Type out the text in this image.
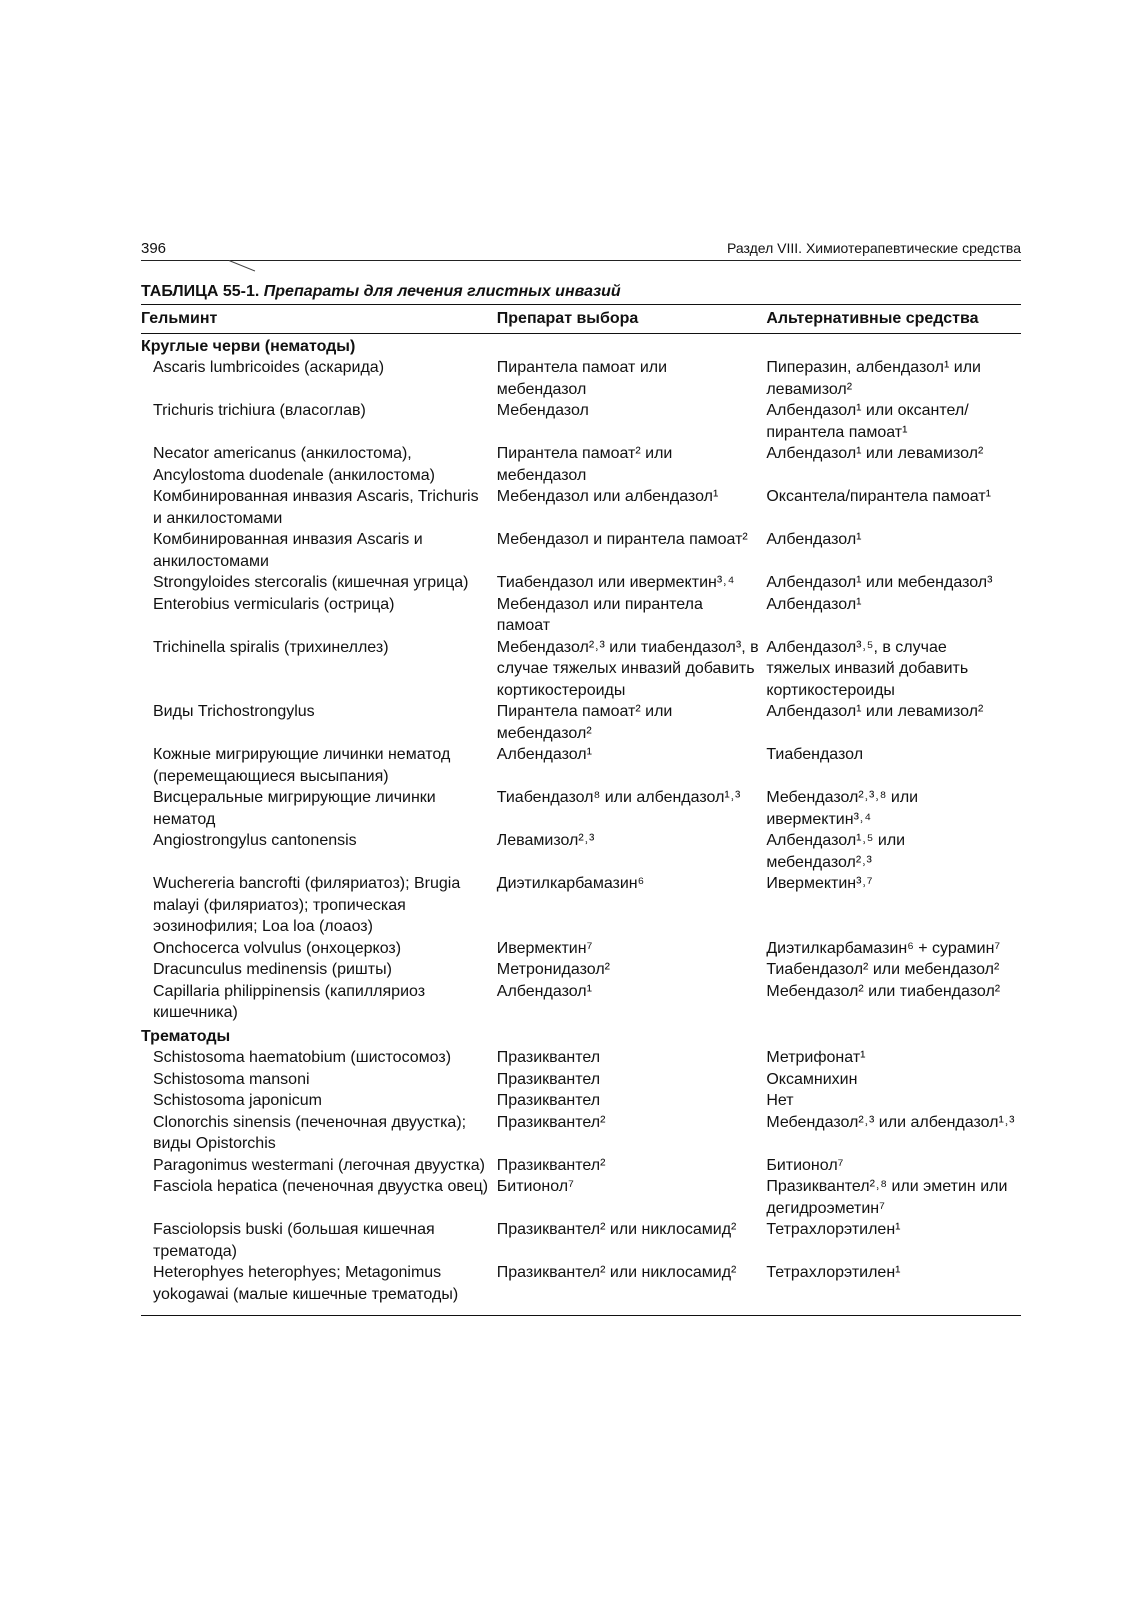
396	Раздел VIII. Химиотерапевтические средства
ТАБЛИЦА 55-1. Препараты для лечения глистных инвазий
Гельминт	Препарат выбора	Альтернативные средства
Круглые черви (нематоды)		
Ascaris lumbricoides (аскарида)	Пирантела памоат или мебендазол	Пиперазин, албендазол¹ или левамизол²
Trichuris trichiura (власоглав)	Мебендазол	Албендазол¹ или оксантел/пирантела памоат¹
Necator americanus (анкилостома), Ancylostoma duodenale (анкилостома)	Пирантела памоат² или мебендазол	Албендазол¹ или левамизол²
Комбинированная инвазия Ascaris, Trichuris и анкилостомами	Мебендазол или албендазол¹	Оксантела/пирантела памоат¹
Комбинированная инвазия Ascaris и анкилостомами	Мебендазол и пирантела памоат²	Албендазол¹
Strongyloides stercoralis (кишечная угрица)	Тиабендазол или ивермектин³˒⁴	Албендазол¹ или мебендазол³
Enterobius vermicularis (острица)	Мебендазол или пирантела памоат	Албендазол¹
Trichinella spiralis (трихинеллез)	Мебендазол²˒³ или тиабендазол³, в случае тяжелых инвазий добавить кортикостероиды	Албендазол³˒⁵, в случае тяжелых инвазий добавить кортикостероиды
Виды Trichostrongylus	Пирантела памоат² или мебендазол²	Албендазол¹ или левамизол²
Кожные мигрирующие личинки нематод (перемещающиеся высыпания)	Албендазол¹	Тиабендазол
Висцеральные мигрирующие личинки нематод	Тиабендазол⁸ или албендазол¹˒³	Мебендазол²˒³˒⁸ или ивермектин³˒⁴
Angiostrongylus cantonensis	Левамизол²˒³	Албендазол¹˒⁵ или мебендазол²˒³
Wuchereria bancrofti (филяриатоз); Brugia malayi (филяриатоз); тропическая эозинофилия; Loa loa (лоаоз)	Диэтилкарбамазин⁶	Ивермектин³˒⁷
Onchocerca volvulus (онхоцеркоз)	Ивермектин⁷	Диэтилкарбамазин⁶ + сурамин⁷
Dracunculus medinensis (ришты)	Метронидазол²	Тиабендазол² или мебендазол²
Capillaria philippinensis (капилляриоз кишечника)	Албендазол¹	Мебендазол² или тиабендазол²
Трематоды		
Schistosoma haematobium (шистосомоз)	Празиквантел	Метрифонат¹
Schistosoma mansoni	Празиквантел	Оксамнихин
Schistosoma japonicum	Празиквантел	Нет
Clonorchis sinensis (печеночная двуустка); виды Opistorchis	Празиквантел²	Мебендазол²˒³ или албендазол¹˒³
Paragonimus westermani (легочная двуустка)	Празиквантел²	Битионол⁷
Fasciola hepatica (печеночная двуустка овец)	Битионол⁷	Празиквантел²˒⁸ или эметин или дегидроэметин⁷
Fasciolopsis buski (большая кишечная трематода)	Празиквантел² или никлосамид²	Тетрахлорэтилен¹
Heterophyes heterophyes; Metagonimus yokogawai (малые кишечные трематоды)	Празиквантел² или никлосамид²	Тетрахлорэтилен¹
